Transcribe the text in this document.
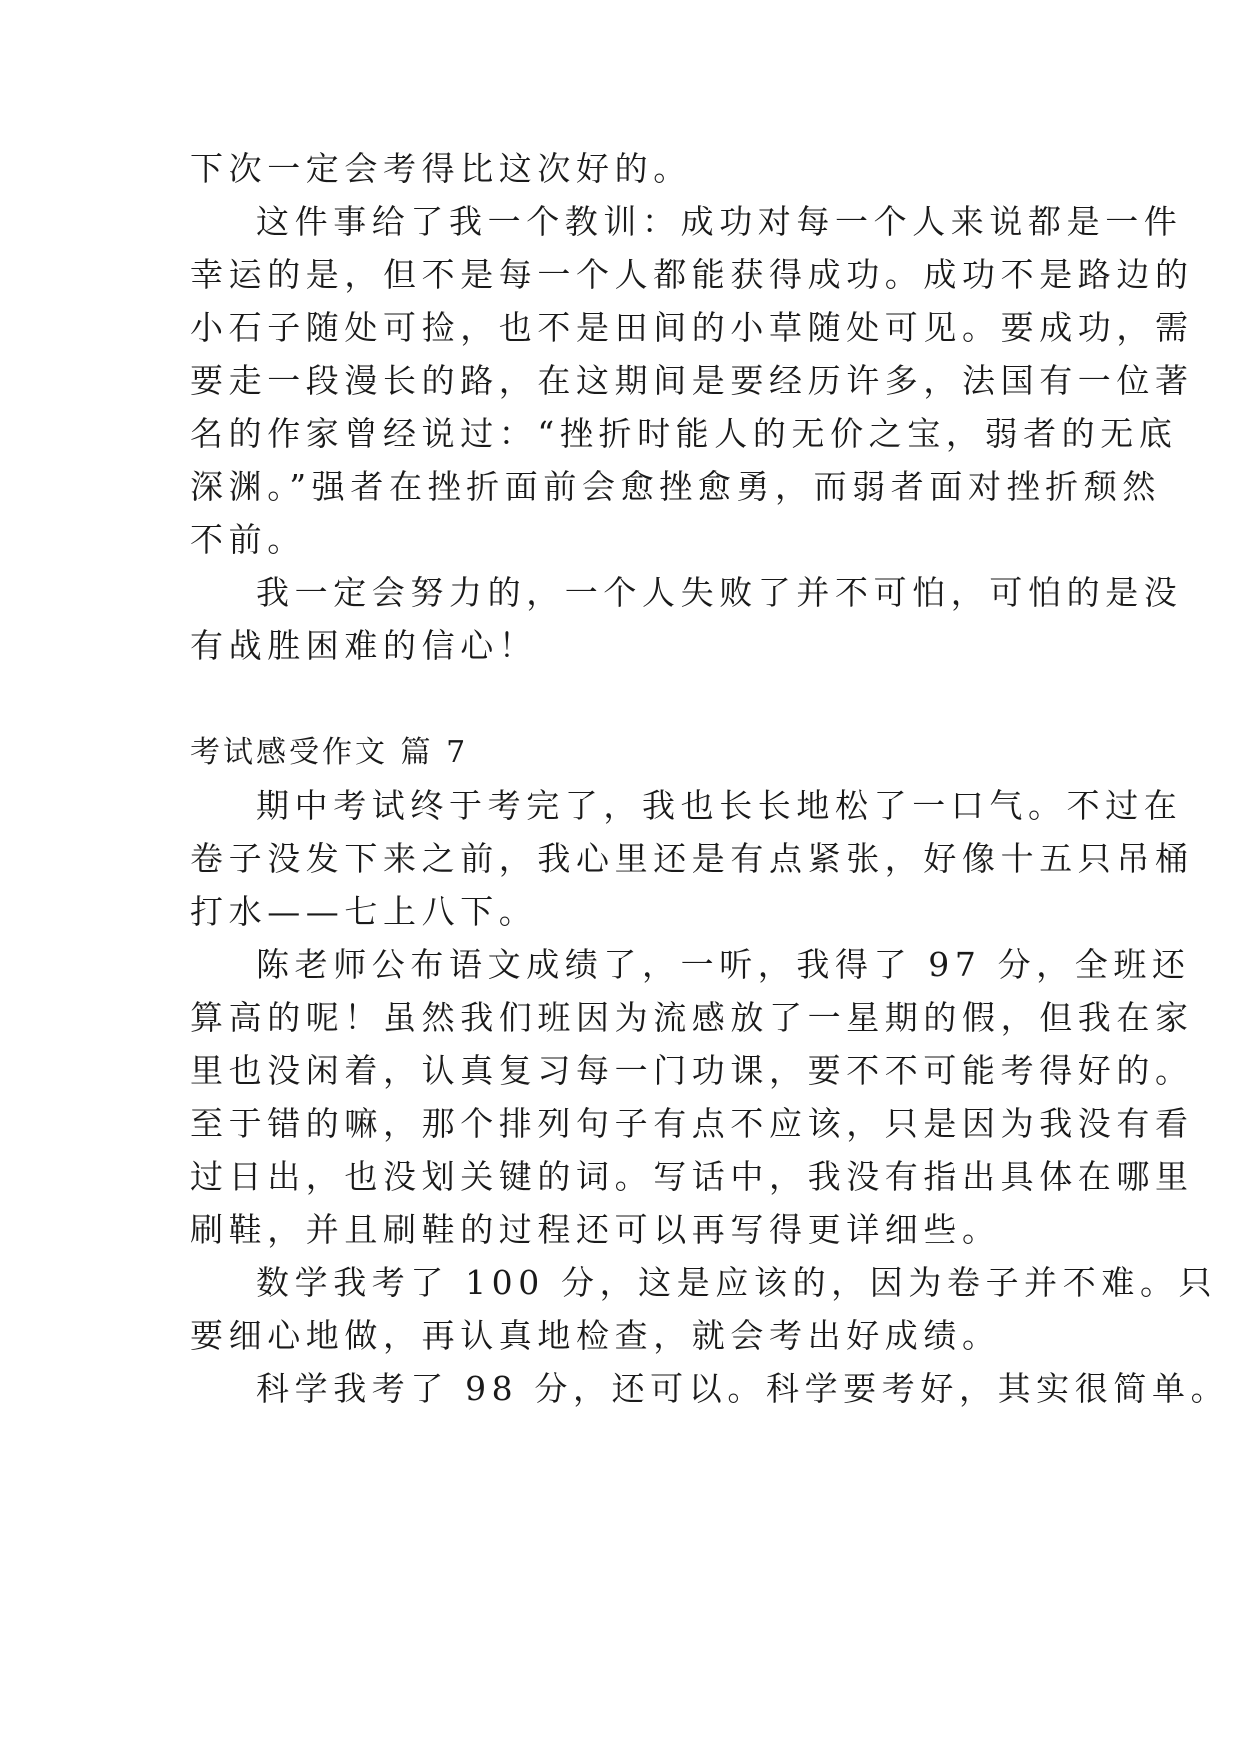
下次一定会考得比这次好的。
这件事给了我一个教训：成功对每一个人来说都是一件
幸运的是，但不是每一个人都能获得成功。成功不是路边的
小石子随处可捡，也不是田间的小草随处可见。要成功，需
要走一段漫长的路，在这期间是要经历许多，法国有一位著
名的作家曾经说过：“挫折时能人的无价之宝，弱者的无底
深渊。”强者在挫折面前会愈挫愈勇，而弱者面对挫折颓然
不前。
我一定会努力的，一个人失败了并不可怕，可怕的是没
有战胜困难的信心！
考试感受作文 篇 7
期中考试终于考完了，我也长长地松了一口气。不过在
卷子没发下来之前，我心里还是有点紧张，好像十五只吊桶
打水——七上八下。
陈老师公布语文成绩了，一听，我得了 97 分，全班还
算高的呢！虽然我们班因为流感放了一星期的假，但我在家
里也没闲着，认真复习每一门功课，要不不可能考得好的。
至于错的嘛，那个排列句子有点不应该，只是因为我没有看
过日出，也没划关键的词。写话中，我没有指出具体在哪里
刷鞋，并且刷鞋的过程还可以再写得更详细些。
数学我考了 100 分，这是应该的，因为卷子并不难。只
要细心地做，再认真地检查，就会考出好成绩。
科学我考了 98 分，还可以。科学要考好，其实很简单。
